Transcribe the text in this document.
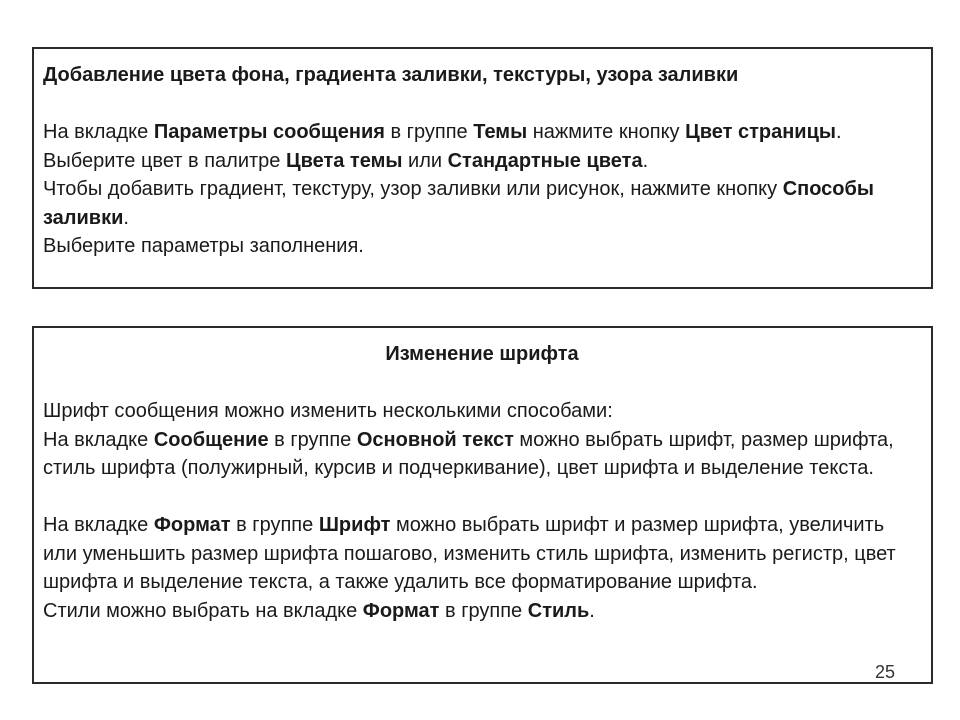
Добавление цвета фона, градиента заливки, текстуры, узора заливки

На вкладке Параметры сообщения в группе Темы нажмите кнопку Цвет страницы.

Выберите цвет в палитре Цвета темы или Стандартные цвета.

Чтобы добавить градиент, текстуру, узор заливки или рисунок, нажмите кнопку Способы заливки.

Выберите параметры заполнения.

Изменение шрифта

Шрифт сообщения можно изменить несколькими способами:

На вкладке Сообщение в группе Основной текст можно выбрать шрифт, размер шрифта, стиль шрифта (полужирный, курсив и подчеркивание), цвет шрифта и выделение текста.

На вкладке Формат в группе Шрифт можно выбрать шрифт и размер шрифта, увеличить или уменьшить размер шрифта пошагово, изменить стиль шрифта, изменить регистр, цвет шрифта и выделение текста, а также удалить все форматирование шрифта.

Стили можно выбрать на вкладке Формат в группе Стиль.

25
